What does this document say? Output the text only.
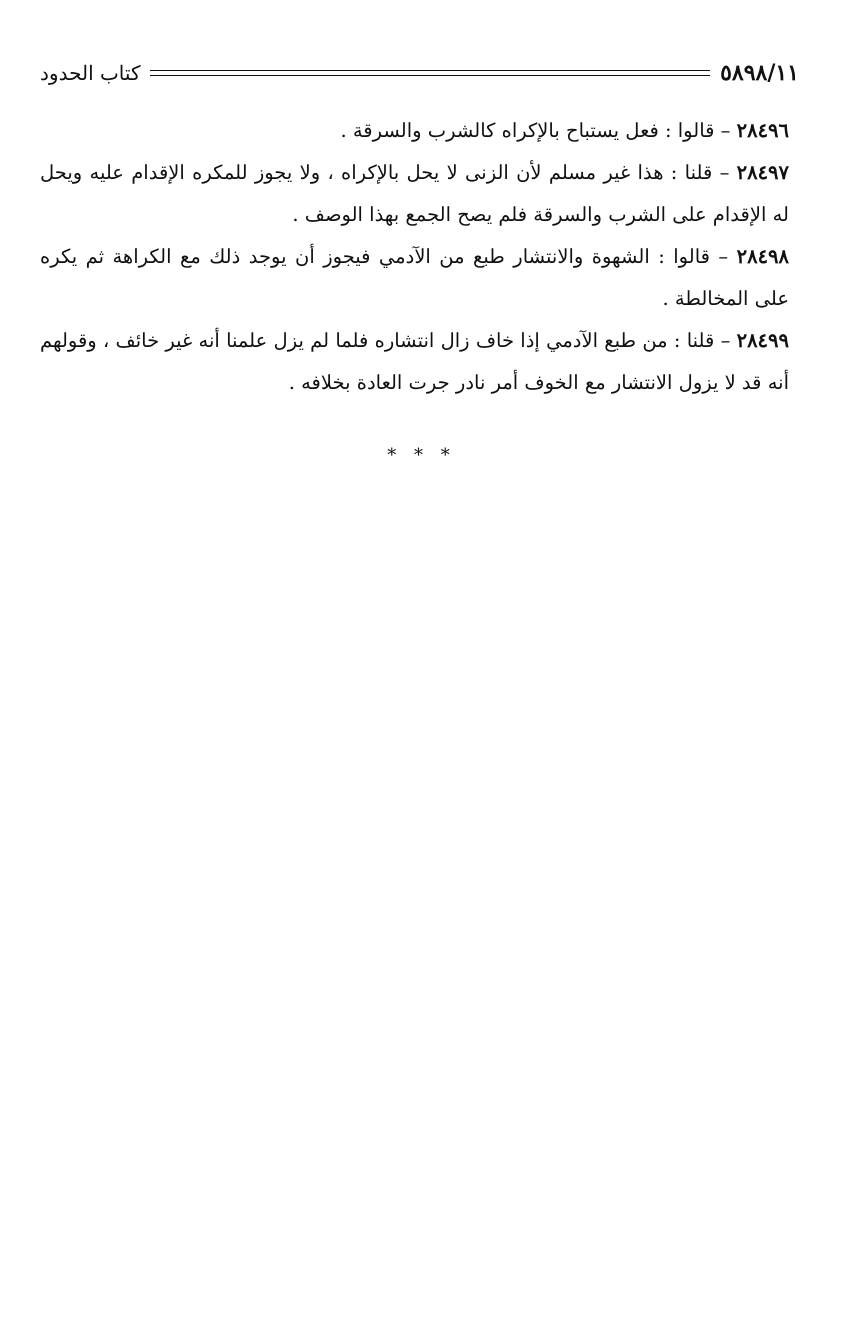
٥٨٩٨/١١
كتاب الحدود

٢٨٤٩٦ – قالوا : فعل يستباح بالإكراه كالشرب والسرقة .

٢٨٤٩٧ – قلنا : هذا غير مسلم لأن الزنى لا يحل بالإكراه ، ولا يجوز للمكره الإقدام عليه ويحل له الإقدام على الشرب والسرقة فلم يصح الجمع بهذا الوصف .

٢٨٤٩٨ – قالوا : الشهوة والانتشار طبع من الآدمي فيجوز أن يوجد ذلك مع الكراهة ثم يكره على المخالطة .

٢٨٤٩٩ – قلنا : من طبع الآدمي إذا خاف زال انتشاره فلما لم يزل علمنا أنه غير خائف ، وقولهم أنه قد لا يزول الانتشار مع الخوف أمر نادر جرت العادة بخلافه .

* * *
